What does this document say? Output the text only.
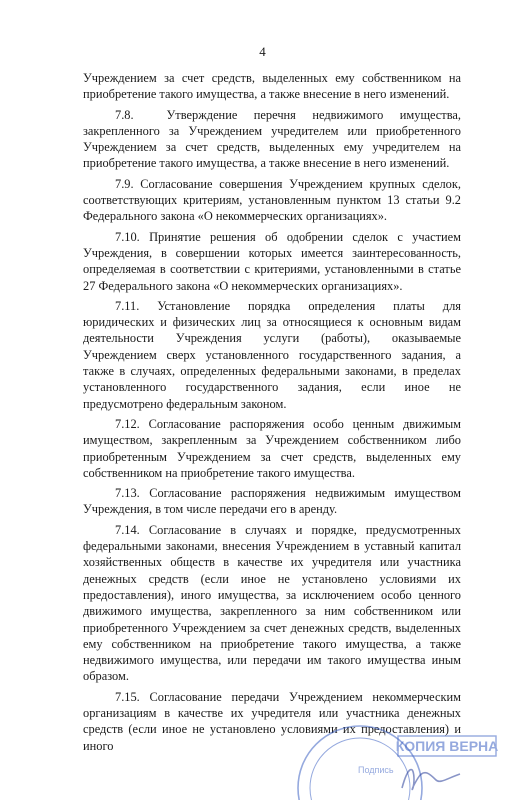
4

Учреждением за счет средств, выделенных ему собственником на приобретение такого имущества, а также внесение в него изменений.

7.8.  Утверждение перечня недвижимого имущества, закрепленного за Учреждением учредителем или приобретенного Учреждением за счет средств, выделенных ему учредителем на приобретение такого имущества, а также внесение в него изменений.

7.9. Согласование совершения Учреждением крупных сделок, соответствующих критериям, установленным пунктом 13 статьи 9.2 Федерального закона «О некоммерческих организациях».

7.10. Принятие решения об одобрении сделок с участием Учреждения, в совершении которых имеется заинтересованность, определяемая в соответствии с критериями, установленными в статье 27 Федерального закона «О некоммерческих организациях».

7.11. Установление порядка определения платы для юридических и физических лиц за относящиеся к основным видам деятельности Учреждения услуги (работы), оказываемые Учреждением сверх установленного государственного задания, а также в случаях, определенных федеральными законами, в пределах установленного государственного задания, если иное не предусмотрено федеральным законом.

7.12. Согласование распоряжения особо ценным движимым имуществом, закрепленным за Учреждением собственником либо приобретенным Учреждением за счет средств, выделенных ему собственником на приобретение такого имущества.

7.13. Согласование распоряжения недвижимым имуществом Учреждения, в том числе передачи его в аренду.

7.14. Согласование в случаях и порядке, предусмотренных федеральными законами, внесения Учреждением в уставный капитал хозяйственных обществ в качестве их учредителя или участника денежных средств (если иное не установлено условиями их предоставления), иного имущества, за исключением особо ценного движимого имущества, закрепленного за ним собственником или приобретенного Учреждением за счет денежных средств, выделенных ему собственником на приобретение такого имущества, а также недвижимого имущества, или передачи им такого имущества иным образом.

7.15. Согласование передачи Учреждением некоммерческим организациям в качестве их учредителя или участника денежных средств (если иное не установлено условиями их предоставления) и иного	КОПИЯ ВЕРНА
Подпись
